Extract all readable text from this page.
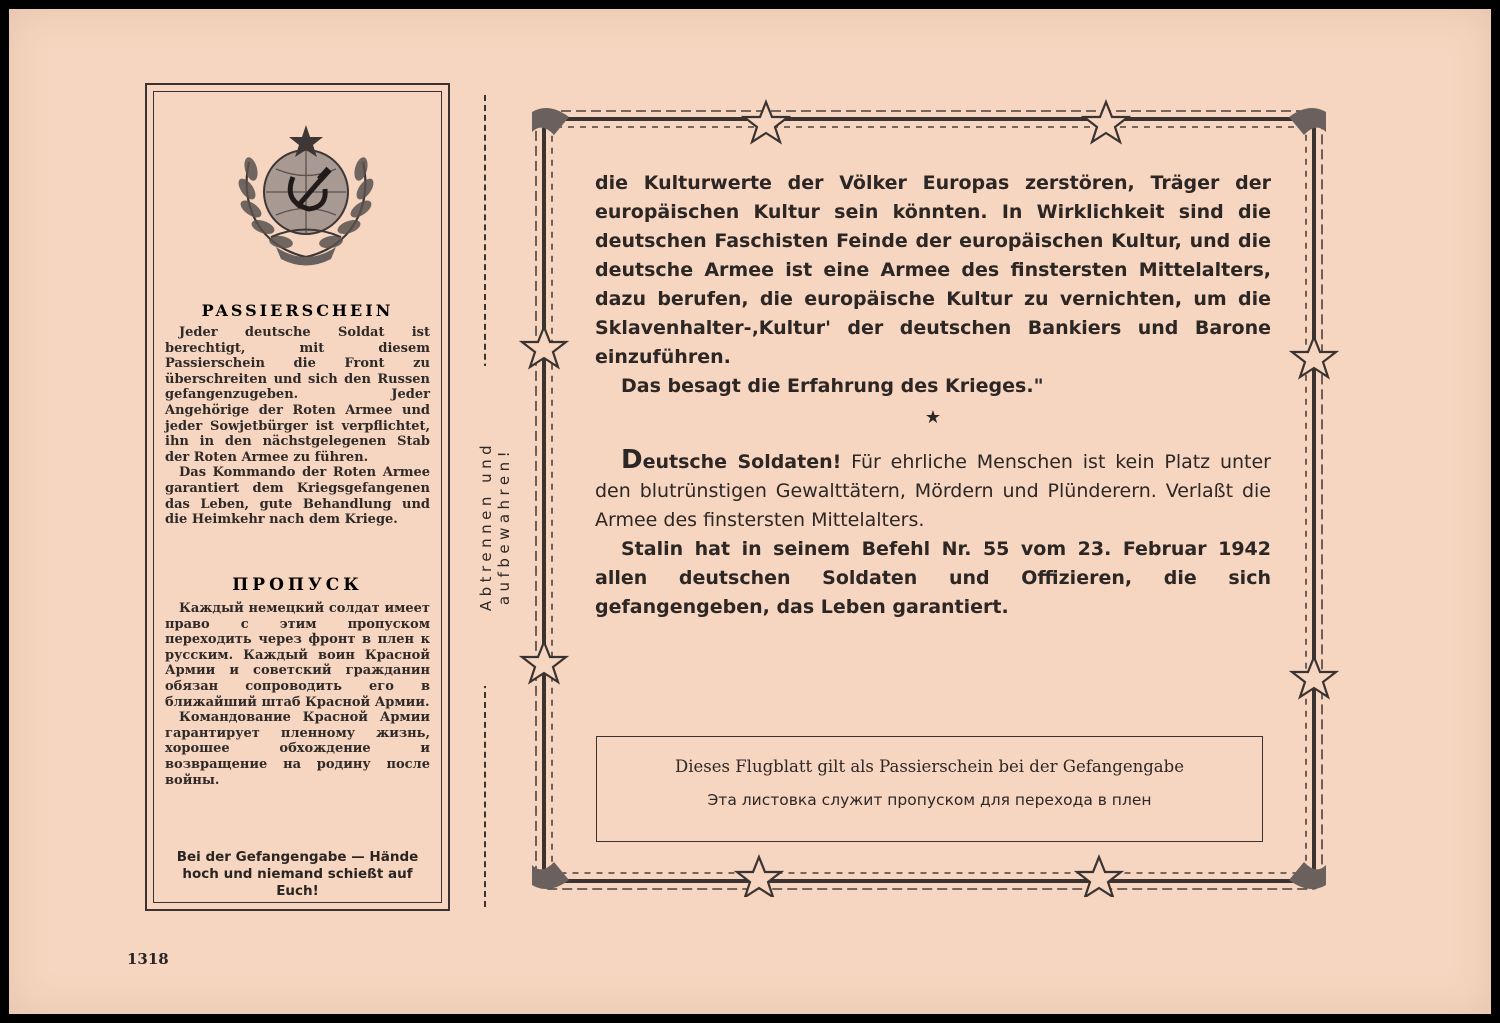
PASSIERSCHEIN

Jeder deutsche Soldat ist berechtigt, mit diesem Passierschein die Front zu überschreiten und sich den Russen gefangenzugeben. Jeder Angehörige der Roten Armee und jeder Sowjetbürger ist verpflichtet, ihn in den nächstgelegenen Stab der Roten Armee zu führen.

Das Kommando der Roten Armee garantiert dem Kriegsgefangenen das Leben, gute Behandlung und die Heimkehr nach dem Kriege.

ПРОПУСК

Каждый немецкий солдат имеет право с этим пропуском переходить через фронт в плен к русским. Каждый воин Красной Армии и советский гражданин обязан сопроводить его в ближайший штаб Красной Армии.

Командование Красной Армии гарантирует пленному жизнь, хорошее обхождение и возвращение на родину после войны.

Bei der Gefangengabe — Hände hoch und niemand schießt auf Euch!
Abtrennen und aufbewahren!

die Kulturwerte der Völker Europas zerstören, Träger der europäischen Kultur sein könnten. In Wirklichkeit sind die deutschen Faschisten Feinde der europäischen Kultur, und die deutsche Armee ist eine Armee des finstersten Mittelalters, dazu berufen, die europäische Kultur zu vernichten, um die Sklavenhalter-‚Kultur' der deutschen Bankiers und Barone einzuführen.

Das besagt die Erfahrung des Krieges."

★

Deutsche Soldaten! Für ehrliche Menschen ist kein Platz unter den blutrünstigen Gewalttätern, Mördern und Plünderern. Verlaßt die Armee des finstersten Mittelalters.

Stalin hat in seinem Befehl Nr. 55 vom 23. Februar 1942 allen deutschen Soldaten und Offizieren, die sich gefangengeben, das Leben garantiert.

Dieses Flugblatt gilt als Passierschein bei der Gefangengabe
Эта листовка служит пропуском для перехода в плен
1318
